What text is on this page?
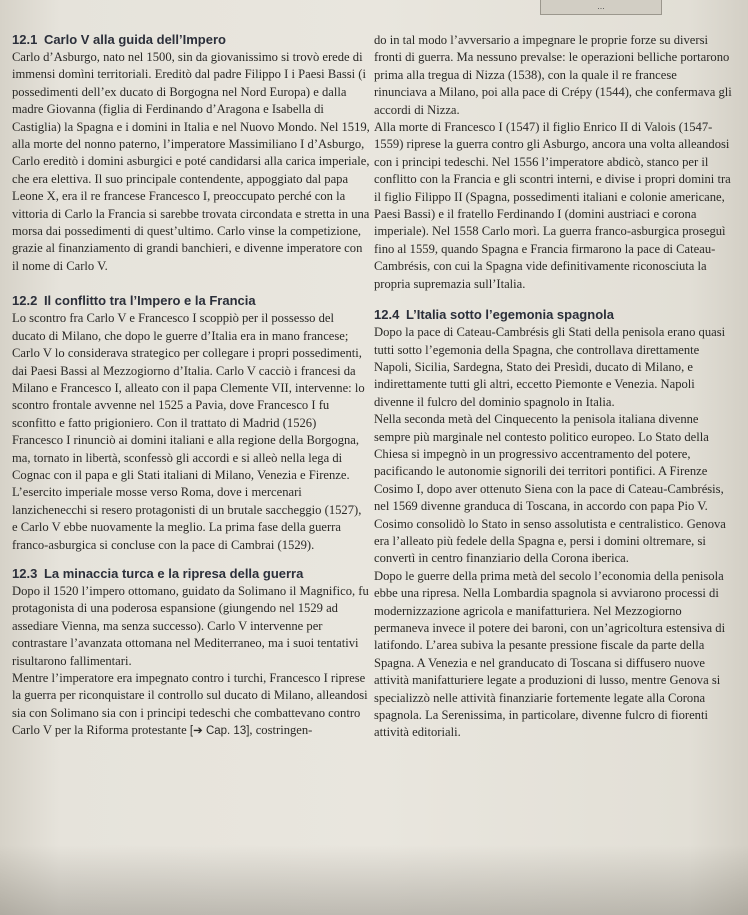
...
12.1 Carlo V alla guida dell’Impero

Carlo d’Asburgo, nato nel 1500, sin da giovanissimo si trovò erede di immensi domìni territoriali. Ereditò dal padre Filippo I i Paesi Bassi (i possedimenti dell’ex ducato di Borgogna nel Nord Europa) e dalla madre Giovanna (figlia di Ferdinando d’Aragona e Isabella di Castiglia) la Spagna e i domini in Italia e nel Nuovo Mondo. Nel 1519, alla morte del nonno paterno, l’imperatore Massimiliano I d’Asburgo, Carlo ereditò i domini asburgici e poté candidarsi alla carica imperiale, che era elettiva. Il suo principale contendente, appoggiato dal papa Leone X, era il re francese Francesco I, preoccupato perché con la vittoria di Carlo la Francia si sarebbe trovata circondata e stretta in una morsa dai possedimenti di quest’ultimo. Carlo vinse la competizione, grazie al finanziamento di grandi banchieri, e divenne imperatore con il nome di Carlo V.

12.2 Il conflitto tra l’Impero e la Francia

Lo scontro fra Carlo V e Francesco I scoppiò per il possesso del ducato di Milano, che dopo le guerre d’Italia era in mano francese; Carlo V lo considerava strategico per collegare i propri possedimenti, dai Paesi Bassi al Mezzogiorno d’Italia. Carlo V cacciò i francesi da Milano e Francesco I, alleato con il papa Clemente VII, intervenne: lo scontro frontale avvenne nel 1525 a Pavia, dove Francesco I fu sconfitto e fatto prigioniero. Con il trattato di Madrid (1526) Francesco I rinunciò ai domini italiani e alla regione della Borgogna, ma, tornato in libertà, sconfessò gli accordi e si alleò nella lega di Cognac con il papa e gli Stati italiani di Milano, Venezia e Firenze. L’esercito imperiale mosse verso Roma, dove i mercenari lanzichenecchi si resero protagonisti di un brutale saccheggio (1527), e Carlo V ebbe nuovamente la meglio. La prima fase della guerra franco-asburgica si concluse con la pace di Cambrai (1529).

12.3 La minaccia turca e la ripresa della guerra

Dopo il 1520 l’impero ottomano, guidato da Solimano il Magnifico, fu protagonista di una poderosa espansione (giungendo nel 1529 ad assediare Vienna, ma senza successo). Carlo V intervenne per contrastare l’avanzata ottomana nel Mediterraneo, ma i suoi tentativi risultarono fallimentari.

Mentre l’imperatore era impegnato contro i turchi, Francesco I riprese la guerra per riconquistare il controllo sul ducato di Milano, alleandosi sia con Solimano sia con i principi tedeschi che combattevano contro Carlo V per la Riforma protestante [➔ Cap. 13], costringen-

do in tal modo l’avversario a impegnare le proprie forze su diversi fronti di guerra. Ma nessuno prevalse: le operazioni belliche portarono prima alla tregua di Nizza (1538), con la quale il re francese rinunciava a Milano, poi alla pace di Crépy (1544), che confermava gli accordi di Nizza.

Alla morte di Francesco I (1547) il figlio Enrico II di Valois (1547-1559) riprese la guerra contro gli Asburgo, ancora una volta alleandosi con i principi tedeschi. Nel 1556 l’imperatore abdicò, stanco per il conflitto con la Francia e gli scontri interni, e divise i propri domini tra il figlio Filippo II (Spagna, possedimenti italiani e colonie americane, Paesi Bassi) e il fratello Ferdinando I (domini austriaci e corona imperiale). Nel 1558 Carlo morì. La guerra franco-asburgica proseguì fino al 1559, quando Spagna e Francia firmarono la pace di Cateau-Cambrésis, con cui la Spagna vide definitivamente riconosciuta la propria supremazia sull’Italia.

12.4 L’Italia sotto l’egemonia spagnola

Dopo la pace di Cateau-Cambrésis gli Stati della penisola erano quasi tutti sotto l’egemonia della Spagna, che controllava direttamente Napoli, Sicilia, Sardegna, Stato dei Presìdi, ducato di Milano, e indirettamente tutti gli altri, eccetto Piemonte e Venezia. Napoli divenne il fulcro del dominio spagnolo in Italia.

Nella seconda metà del Cinquecento la penisola italiana divenne sempre più marginale nel contesto politico europeo. Lo Stato della Chiesa si impegnò in un progressivo accentramento del potere, pacificando le autonomie signorili dei territori pontifici. A Firenze Cosimo I, dopo aver ottenuto Siena con la pace di Cateau-Cambrésis, nel 1569 divenne granduca di Toscana, in accordo con papa Pio V. Cosimo consolidò lo Stato in senso assolutista e centralistico. Genova era l’alleato più fedele della Spagna e, persi i domini oltremare, si convertì in centro finanziario della Corona iberica.

Dopo le guerre della prima metà del secolo l’economia della penisola ebbe una ripresa. Nella Lombardia spagnola si avviarono processi di modernizzazione agricola e manifatturiera. Nel Mezzogiorno permaneva invece il potere dei baroni, con un’agricoltura estensiva di latifondo. L’area subiva la pesante pressione fiscale da parte della Spagna. A Venezia e nel granducato di Toscana si diffusero nuove attività manifatturiere legate a produzioni di lusso, mentre Genova si specializzò nelle attività finanziarie fortemente legate alla Corona spagnola. La Serenissima, in particolare, divenne fulcro di fiorenti attività editoriali.
